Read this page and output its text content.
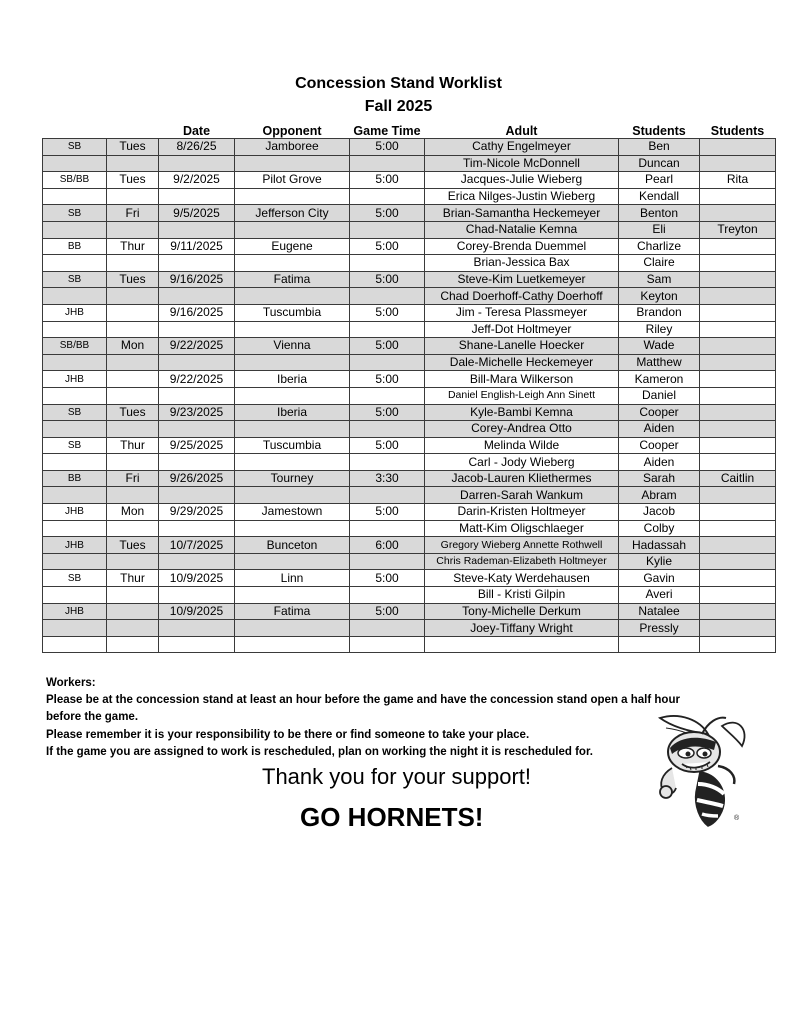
Concession Stand Worklist
Fall 2025
		Date	Opponent	Game Time	Adult	Students	Students
SB	Tues	8/26/25	Jamboree	5:00	Cathy Engelmeyer	Ben	
					Tim-Nicole McDonnell	Duncan	
SB/BB	Tues	9/2/2025	Pilot Grove	5:00	Jacques-Julie Wieberg	Pearl	Rita
					Erica Nilges-Justin Wieberg	Kendall	
SB	Fri	9/5/2025	Jefferson City	5:00	Brian-Samantha Heckemeyer	Benton	
					Chad-Natalie Kemna	Eli	Treyton
BB	Thur	9/11/2025	Eugene	5:00	Corey-Brenda Duemmel	Charlize	
					Brian-Jessica Bax	Claire	
SB	Tues	9/16/2025	Fatima	5:00	Steve-Kim Luetkemeyer	Sam	
					Chad Doerhoff-Cathy Doerhoff	Keyton	
JHB		9/16/2025	Tuscumbia	5:00	Jim - Teresa Plassmeyer	Brandon	
					Jeff-Dot Holtmeyer	Riley	
SB/BB	Mon	9/22/2025	Vienna	5:00	Shane-Lanelle Hoecker	Wade	
					Dale-Michelle Heckemeyer	Matthew	
JHB		9/22/2025	Iberia	5:00	Bill-Mara Wilkerson	Kameron	
					Daniel English-Leigh Ann Sinett	Daniel	
SB	Tues	9/23/2025	Iberia	5:00	Kyle-Bambi Kemna	Cooper	
					Corey-Andrea Otto	Aiden	
SB	Thur	9/25/2025	Tuscumbia	5:00	Melinda Wilde	Cooper	
					Carl - Jody Wieberg	Aiden	
BB	Fri	9/26/2025	Tourney	3:30	Jacob-Lauren Kliethermes	Sarah	Caitlin
					Darren-Sarah Wankum	Abram	
JHB	Mon	9/29/2025	Jamestown	5:00	Darin-Kristen Holtmeyer	Jacob	
					Matt-Kim Oligschlaeger	Colby	
JHB	Tues	10/7/2025	Bunceton	6:00	Gregory Wieberg Annette Rothwell	Hadassah	
					Chris Rademan-Elizabeth Holtmeyer	Kylie	
SB	Thur	10/9/2025	Linn	5:00	Steve-Katy Werdehausen	Gavin	
					Bill - Kristi Gilpin	Averi	
JHB		10/9/2025	Fatima	5:00	Tony-Michelle Derkum	Natalee	
					Joey-Tiffany Wright	Pressly	

Workers:

Please be at the concession stand at least an hour before the game and have the concession stand open a half hour before the game.

Please remember it is your responsibility to be there or find someone to take your place.

If the game you are assigned to work is rescheduled, plan on working the night it is rescheduled for.

Thank you for your support!
GO HORNETS!	®
